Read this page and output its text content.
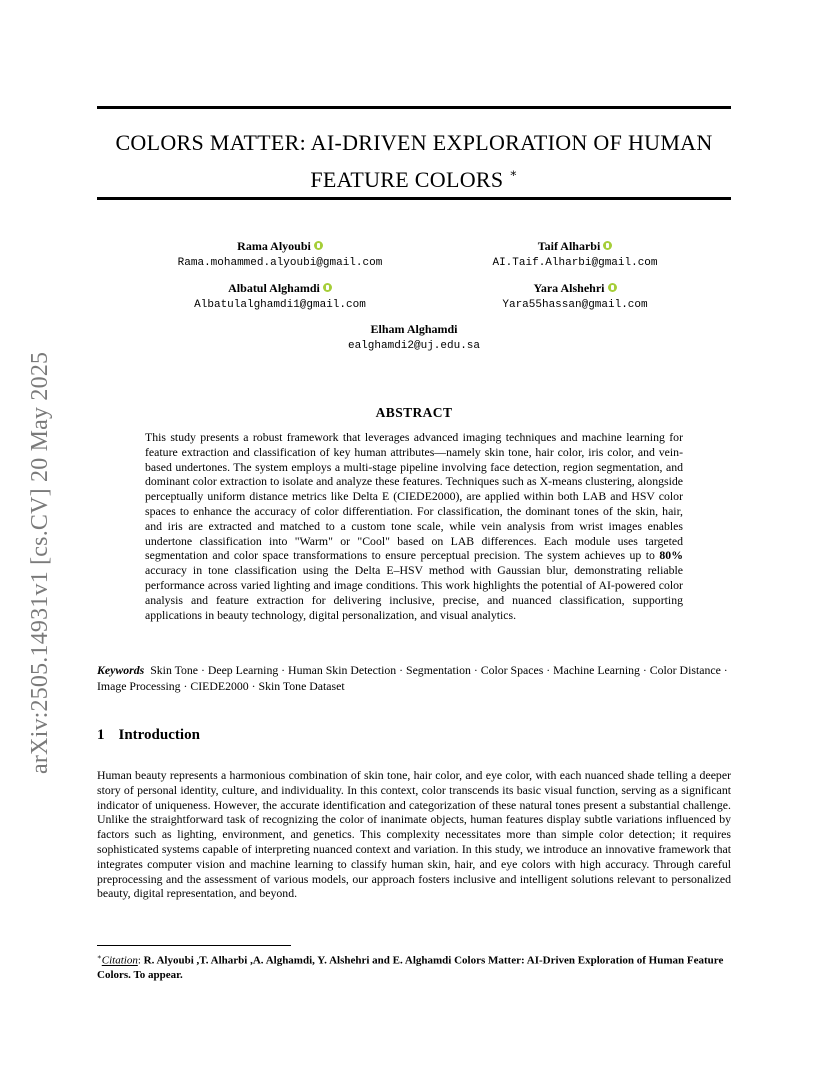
arXiv:2505.14931v1 [cs.CV] 20 May 2025
COLORS MATTER: AI-DRIVEN EXPLORATION OF HUMAN
FEATURE COLORS ∗
Rama Alyoubi
Rama.mohammed.alyoubi@gmail.com
Taif Alharbi
AI.Taif.Alharbi@gmail.com
Albatul Alghamdi
Albatulalghamdi1@gmail.com
Yara Alshehri
Yara55hassan@gmail.com
Elham Alghamdi
ealghamdi2@uj.edu.sa
ABSTRACT
This study presents a robust framework that leverages advanced imaging techniques and machine learning for feature extraction and classification of key human attributes—namely skin tone, hair color, iris color, and vein-based undertones. The system employs a multi-stage pipeline involving face detection, region segmentation, and dominant color extraction to isolate and analyze these features. Techniques such as X-means clustering, alongside perceptually uniform distance metrics like Delta E (CIEDE2000), are applied within both LAB and HSV color spaces to enhance the accuracy of color differentiation. For classification, the dominant tones of the skin, hair, and iris are extracted and matched to a custom tone scale, while vein analysis from wrist images enables undertone classification into "Warm" or "Cool" based on LAB differences. Each module uses targeted segmentation and color space transformations to ensure perceptual precision. The system achieves up to 80% accuracy in tone classification using the Delta E–HSV method with Gaussian blur, demonstrating reliable performance across varied lighting and image conditions. This work highlights the potential of AI-powered color analysis and feature extraction for delivering inclusive, precise, and nuanced classification, supporting applications in beauty technology, digital personalization, and visual analytics.
Keywords Skin Tone · Deep Learning · Human Skin Detection · Segmentation · Color Spaces · Machine Learning · Color Distance · Image Processing · CIEDE2000 · Skin Tone Dataset
1 Introduction
Human beauty represents a harmonious combination of skin tone, hair color, and eye color, with each nuanced shade telling a deeper story of personal identity, culture, and individuality. In this context, color transcends its basic visual function, serving as a significant indicator of uniqueness. However, the accurate identification and categorization of these natural tones present a substantial challenge. Unlike the straightforward task of recognizing the color of inanimate objects, human features display subtle variations influenced by factors such as lighting, environment, and genetics. This complexity necessitates more than simple color detection; it requires sophisticated systems capable of interpreting nuanced context and variation. In this study, we introduce an innovative framework that integrates computer vision and machine learning to classify human skin, hair, and eye colors with high accuracy. Through careful preprocessing and the assessment of various models, our approach fosters inclusive and intelligent solutions relevant to personalized beauty, digital representation, and beyond.
∗Citation: R. Alyoubi ,T. Alharbi ,A. Alghamdi, Y. Alshehri and E. Alghamdi Colors Matter: AI-Driven Exploration of Human Feature Colors. To appear.
